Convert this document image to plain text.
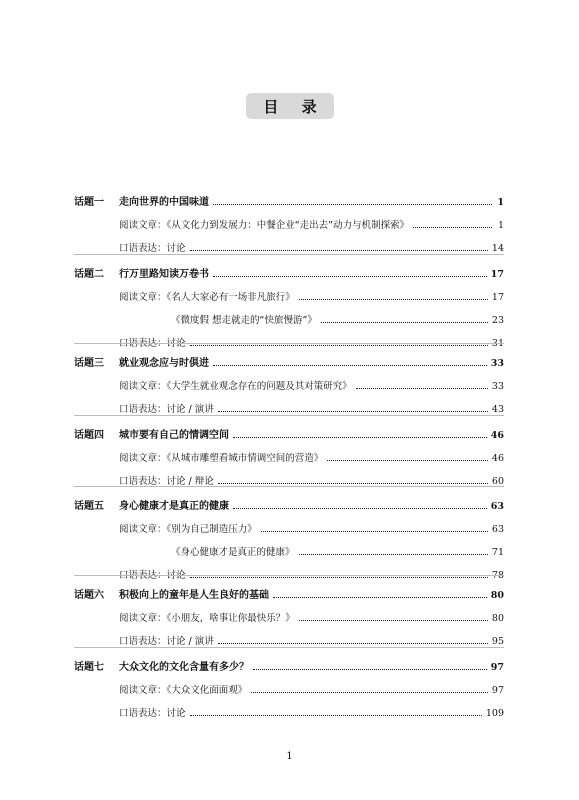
目 录
话题一	走向世界的中国味道	1
阅读文章：《从文化力到发展力：中餐企业“走出去”动力与机制探索》	1
口语表达：讨论	14
话题二	行万里路知读万卷书	17
阅读文章：《名人大家必有一场非凡旅行》	17
《微度假 想走就走的“快旅慢游”》	23
口语表达：讨论	31
话题三	就业观念应与时俱进	33
阅读文章：《大学生就业观念存在的问题及其对策研究》	33
口语表达：讨论 / 演讲	43
话题四	城市要有自己的情调空间	46
阅读文章：《从城市雕塑看城市情调空间的营造》	46
口语表达：讨论 / 辩论	60
话题五	身心健康才是真正的健康	63
阅读文章：《别为自己制造压力》	63
《身心健康才是真正的健康》	71
口语表达：讨论	78
话题六	积极向上的童年是人生良好的基础	80
阅读文章：《小朋友，啥事让你最快乐？》	80
口语表达：讨论 / 演讲	95
话题七	大众文化的文化含量有多少？	97
阅读文章：《大众文化面面观》	97
口语表达：讨论	109
1
